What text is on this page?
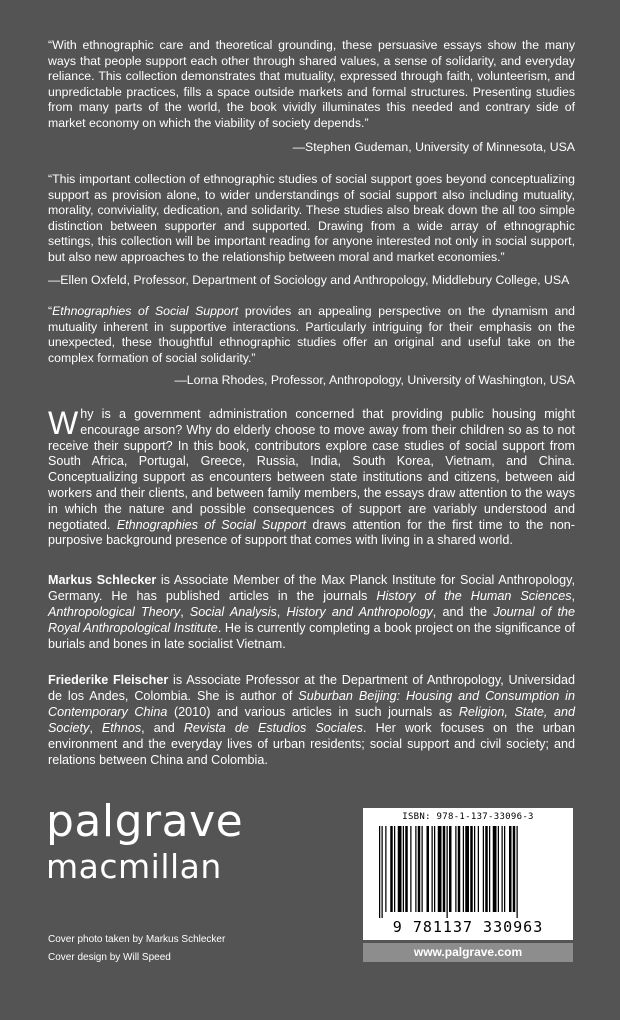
“With ethnographic care and theoretical grounding, these persuasive essays show the many ways that people support each other through shared values, a sense of solidarity, and everyday reliance. This collection demonstrates that mutuality, expressed through faith, volunteerism, and unpredictable practices, fills a space outside markets and formal structures. Presenting studies from many parts of the world, the book vividly illuminates this needed and contrary side of market economy on which the viability of society depends.”

—Stephen Gudeman, University of Minnesota, USA

“This important collection of ethnographic studies of social support goes beyond conceptualizing support as provision alone, to wider understandings of social support also including mutuality, morality, conviviality, dedication, and solidarity. These studies also break down the all too simple distinction between supporter and supported. Drawing from a wide array of ethnographic settings, this collection will be important reading for anyone interested not only in social support, but also new approaches to the relationship between moral and market economies.”

—Ellen Oxfeld, Professor, Department of Sociology and Anthropology, Middlebury College, USA

“Ethnographies of Social Support provides an appealing perspective on the dynamism and mutuality inherent in supportive interactions. Particularly intriguing for their emphasis on the unexpected, these thoughtful ethnographic studies offer an original and useful take on the complex formation of social solidarity.”

—Lorna Rhodes, Professor, Anthropology, University of Washington, USA

Why is a government administration concerned that providing public housing might encourage arson? Why do elderly choose to move away from their children so as to not receive their support? In this book, contributors explore case studies of social support from South Africa, Portugal, Greece, Russia, India, South Korea, Vietnam, and China. Conceptualizing support as encounters between state institutions and citizens, between aid workers and their clients, and between family members, the essays draw attention to the ways in which the nature and possible consequences of support are variably understood and negotiated. Ethnographies of Social Support draws attention for the first time to the non-purposive background presence of support that comes with living in a shared world.

Markus Schlecker is Associate Member of the Max Planck Institute for Social Anthropology, Germany. He has published articles in the journals History of the Human Sciences, Anthropological Theory, Social Analysis, History and Anthropology, and the Journal of the Royal Anthropological Institute. He is currently completing a book project on the significance of burials and bones in late socialist Vietnam.

Friederike Fleischer is Associate Professor at the Department of Anthropology, Universidad de los Andes, Colombia. She is author of Suburban Beijing: Housing and Consumption in Contemporary China (2010) and various articles in such journals as Religion, State, and Society, Ethnos, and Revista de Estudios Sociales. Her work focuses on the urban environment and the everyday lives of urban residents; social support and civil society; and relations between China and Colombia.

palgrave
macmillan
Cover photo taken by Markus Schlecker
Cover design by Will Speed
ISBN: 978-1-137-33096-3
9 781137 330963
www.palgrave.com
